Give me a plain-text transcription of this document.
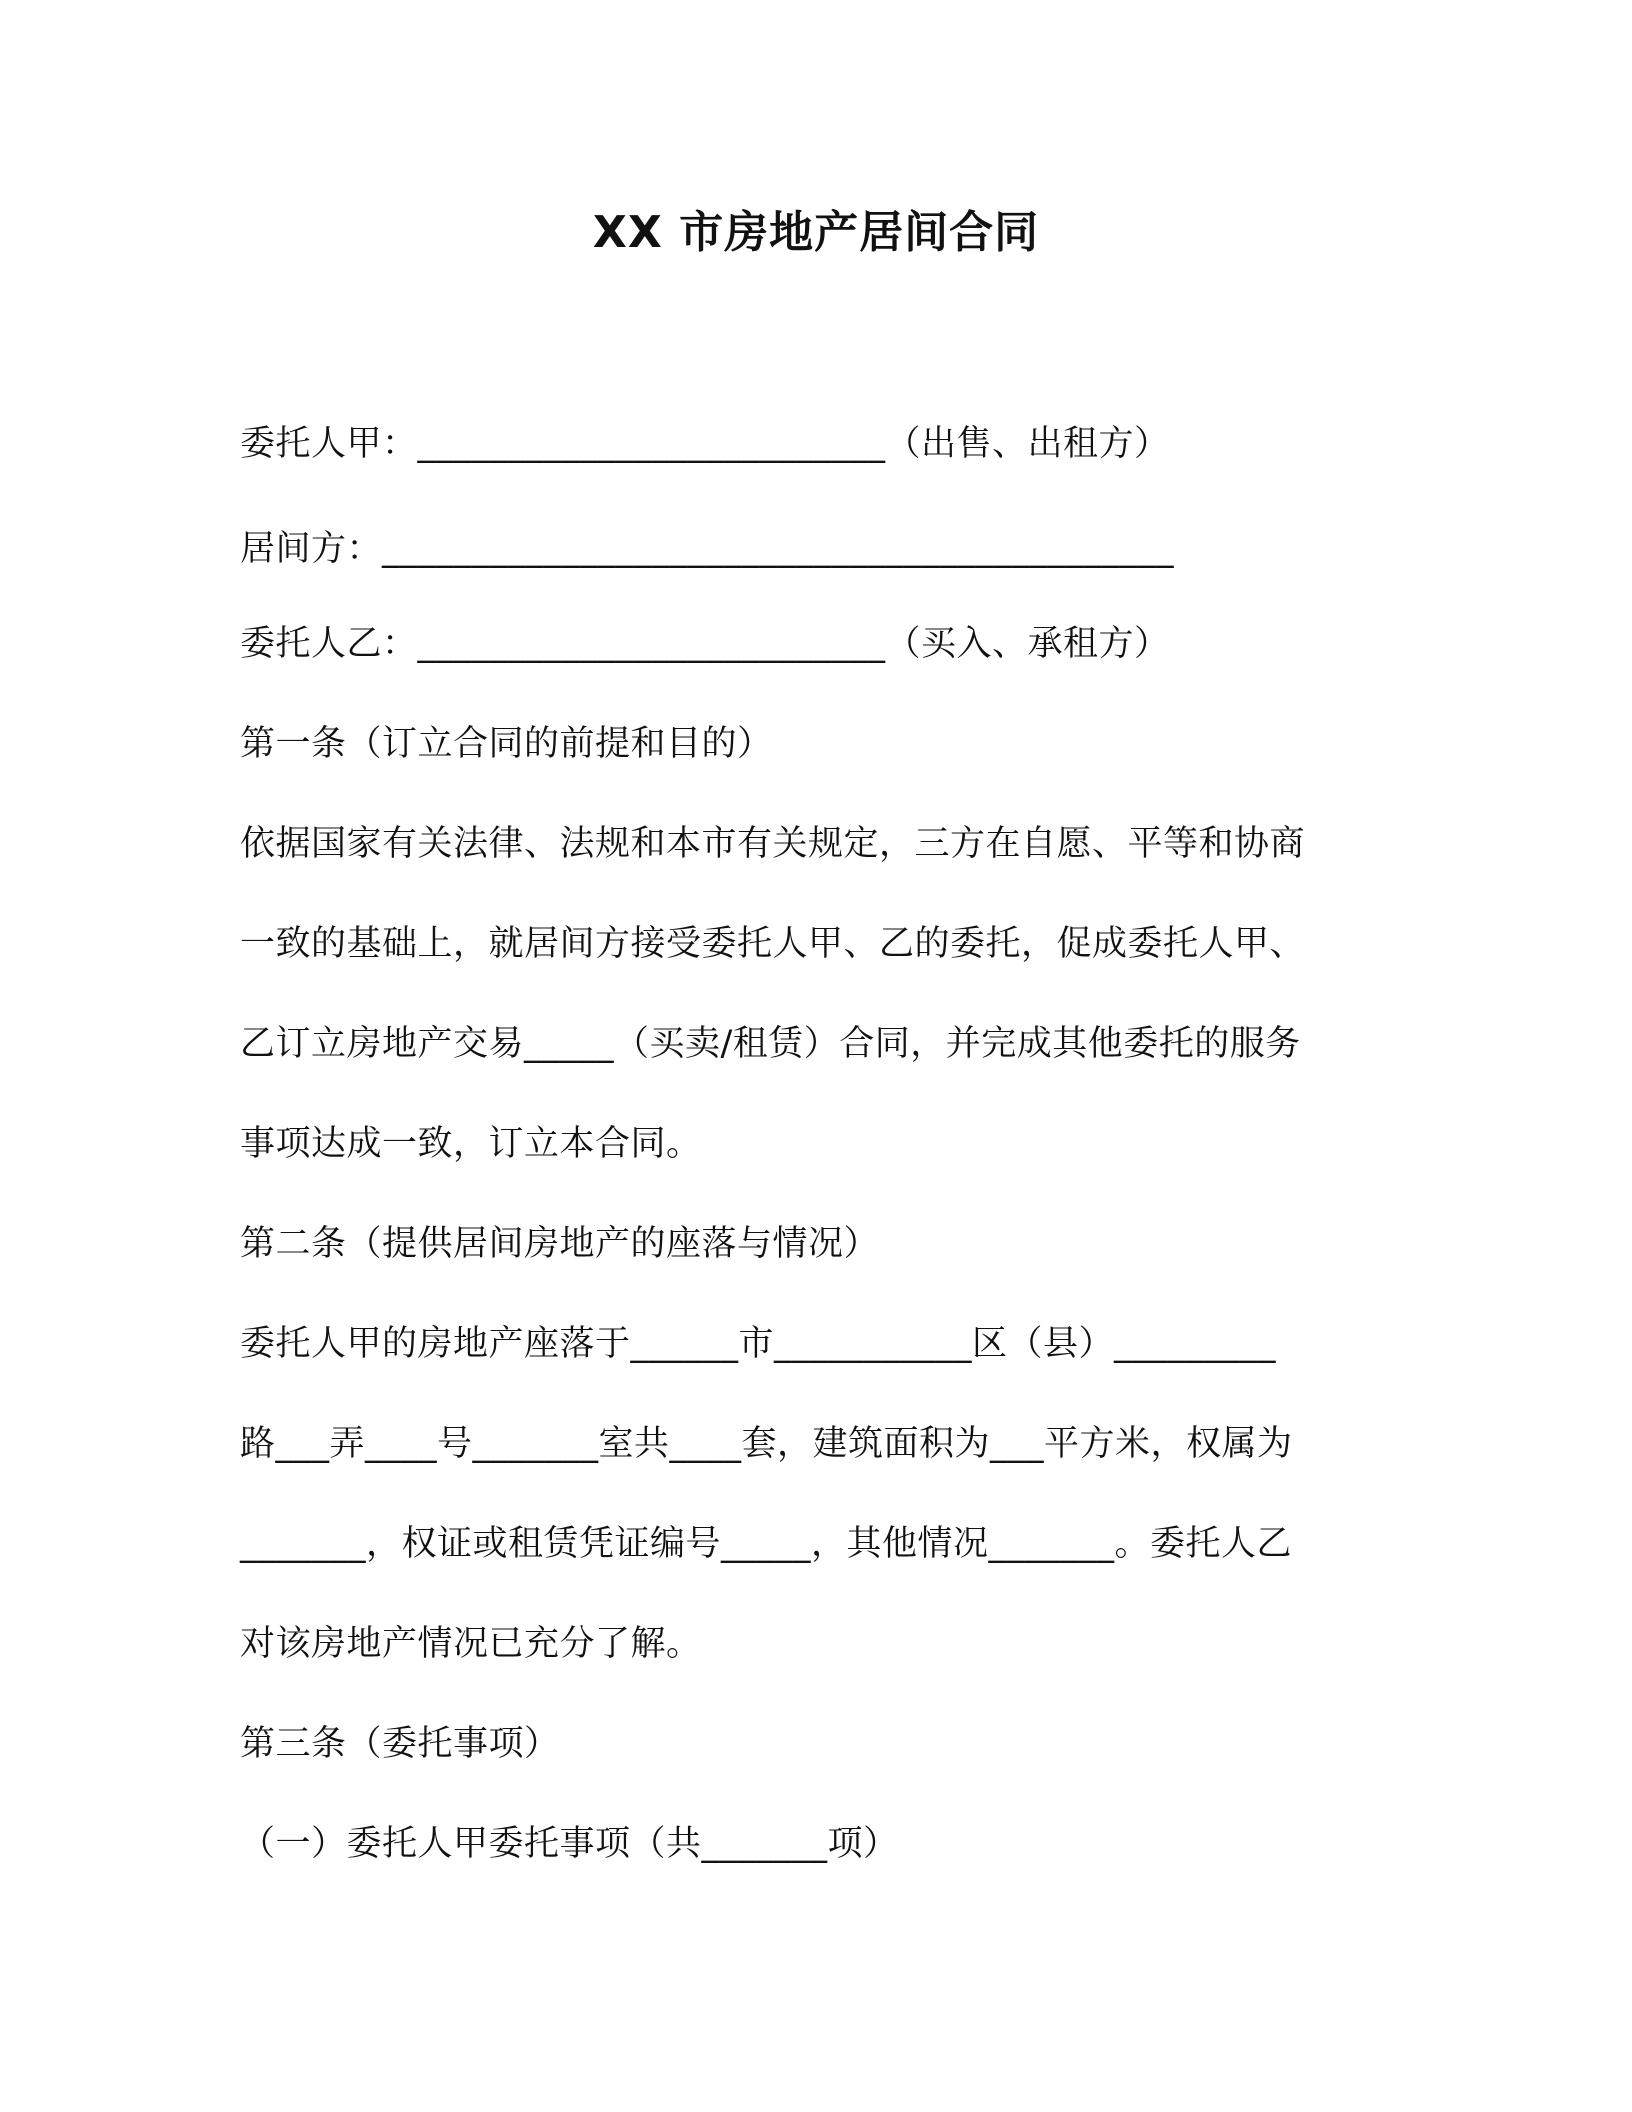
XX 市房地产居间合同
委托人甲：__________________________（出售、出租方）
居间方：____________________________________________
委托人乙：__________________________（买入、承租方）
第一条（订立合同的前提和目的）
依据国家有关法律、法规和本市有关规定，三方在自愿、平等和协商
一致的基础上，就居间方接受委托人甲、乙的委托，促成委托人甲、
乙订立房地产交易_____（买卖/租赁）合同，并完成其他委托的服务
事项达成一致，订立本合同。
第二条（提供居间房地产的座落与情况）
委托人甲的房地产座落于______市___________区（县）_________
路___弄____号_______室共____套，建筑面积为___平方米，权属为
_______，权证或租赁凭证编号_____，其他情况_______。委托人乙
对该房地产情况已充分了解。
第三条（委托事项）
（一）委托人甲委托事项（共_______项）
